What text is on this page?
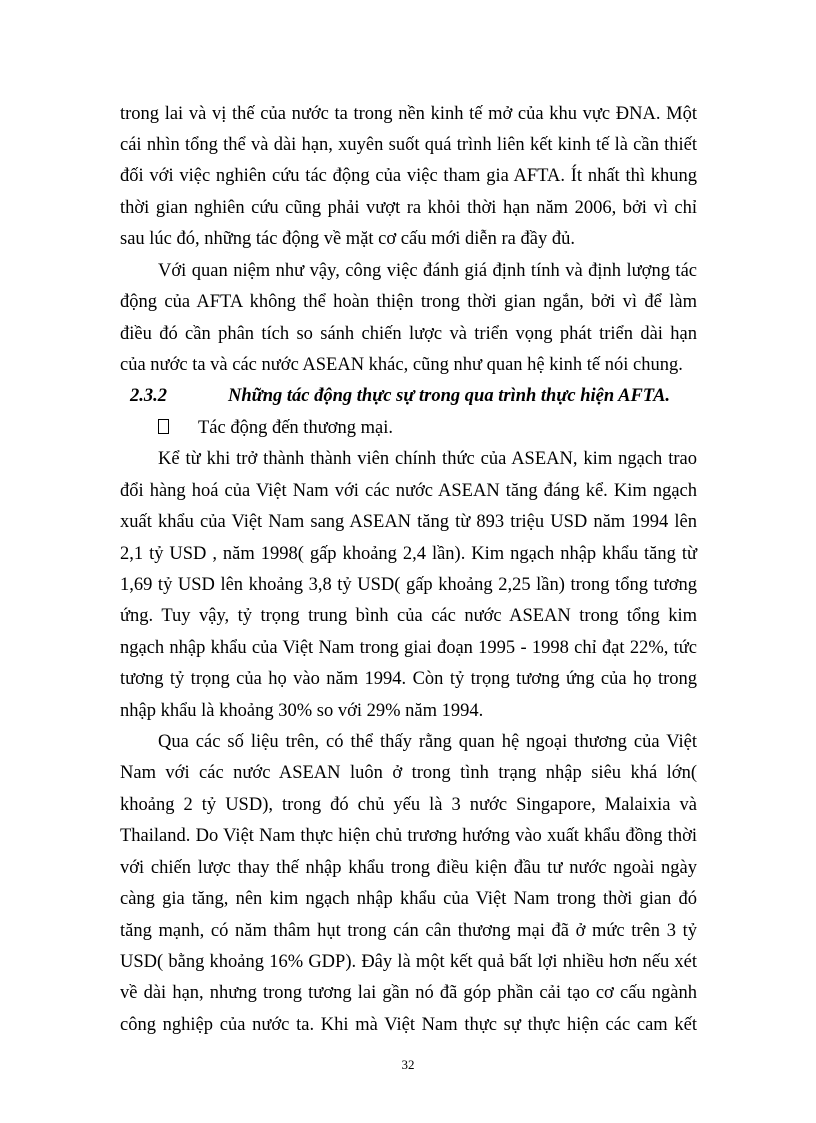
trong lai và vị thế của nước ta trong nền kinh tế mở của khu vực ĐNA. Một
cái nhìn tổng thể và dài hạn, xuyên suốt quá trình liên kết kinh tế là cần thiết
đối với việc nghiên cứu tác động của việc tham gia AFTA. Ít nhất thì khung
thời gian nghiên cứu cũng phải vượt ra khỏi thời hạn năm 2006, bởi vì chỉ
sau lúc đó, những tác động về mặt cơ cấu mới diễn ra đầy đủ.
Với quan niệm như vậy, công việc đánh giá định tính và định lượng tác
động của AFTA không thể hoàn thiện trong thời gian ngắn, bởi vì để làm
điều đó cần phân tích so sánh chiến lược và triển vọng phát triển dài hạn
của nước ta và các nước ASEAN khác, cũng như quan hệ kinh tế nói chung.
2.3.2	Những tác động thực sự trong qua trình thực hiện AFTA.
Tác động đến thương mại.
Kể từ khi trở thành thành viên chính thức của ASEAN, kim ngạch trao
đổi hàng hoá của Việt Nam với các nước ASEAN tăng đáng kể. Kim ngạch
xuất khẩu của Việt Nam sang ASEAN tăng từ 893 triệu USD năm 1994 lên
2,1 tỷ USD , năm 1998( gấp khoảng 2,4 lần). Kim ngạch nhập khẩu tăng từ
1,69 tỷ USD lên khoảng 3,8 tỷ USD( gấp khoảng 2,25 lần) trong tổng tương
ứng. Tuy vậy, tỷ trọng trung bình của các nước ASEAN trong tổng kim
ngạch nhập khẩu của Việt Nam trong giai đoạn 1995 - 1998 chỉ đạt 22%, tức
tương tỷ trọng của họ vào năm 1994. Còn tỷ trọng tương ứng của họ trong
nhập khẩu là khoảng 30% so với 29% năm 1994.
Qua các số liệu trên, có thể thấy rằng quan hệ ngoại thương của Việt
Nam với các nước ASEAN luôn ở trong tình trạng nhập siêu khá lớn(
khoảng 2 tỷ USD), trong đó chủ yếu là 3 nước Singapore, Malaixia và
Thailand. Do Việt Nam thực hiện chủ trương hướng vào xuất khẩu đồng thời
với chiến lược thay thế nhập khẩu trong điều kiện đầu tư nước ngoài ngày
càng gia tăng, nên kim ngạch nhập khẩu của Việt Nam trong thời gian đó
tăng mạnh, có năm thâm hụt trong cán cân thương mại đã ở mức trên 3 tỷ
USD( bằng khoảng 16% GDP). Đây là một kết quả bất lợi nhiều hơn nếu xét
về dài hạn, nhưng trong tương lai gần nó đã góp phần cải tạo cơ cấu ngành
công nghiệp của nước ta. Khi mà Việt Nam thực sự thực hiện các cam kết
32
